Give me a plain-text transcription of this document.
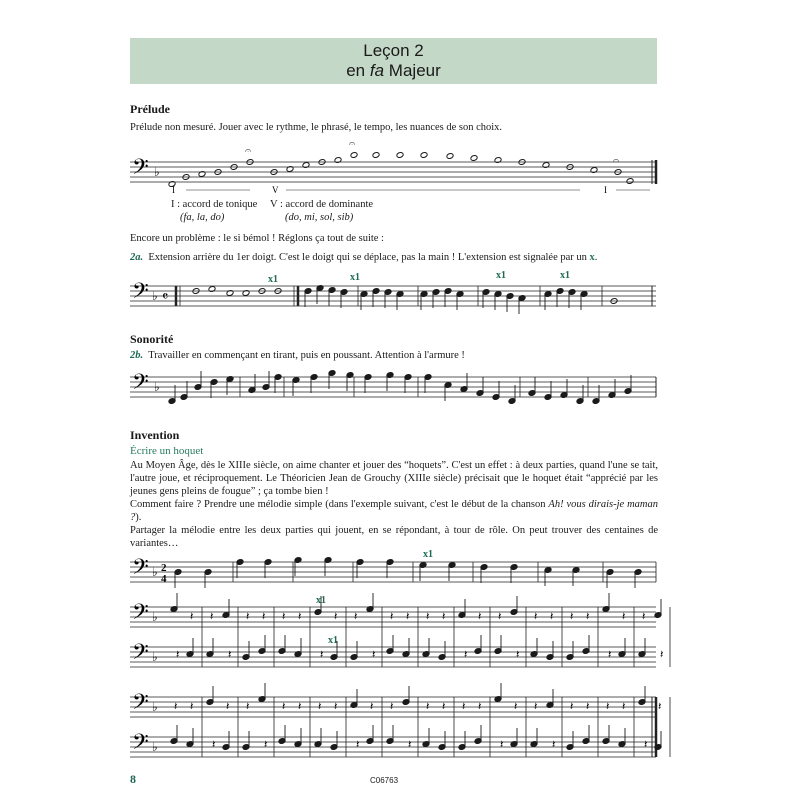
Leçon 2
en fa Majeur
Prélude
Prélude non mesuré. Jouer avec le rythme, le phrasé, le tempo, les nuances de son choix.
𝄢 ♭
𝄐
𝄐
𝄐
I	V	I
I : accord de tonique
(fa, la, do)
V : accord de dominante
(do, mi, sol, sib)
Encore un problème : le si bémol ! Réglons ça tout de suite :
2a. Extension arrière du 1er doigt. C'est le doigt qui se déplace, pas la main ! L'extension est signalée par un x.
𝄢 ♭ 𝄴
x1	x1	x1	x1
Sonorité
2b. Travailler en commençant en tirant, puis en poussant. Attention à l'armure !
𝄢 ♭
Invention
Écrire un hoquet
Au Moyen Âge, dès le XIIIe siècle, on aime chanter et jouer des “hoquets”. C'est un effet : à deux parties, quand l'une se tait, l'autre joue, et réciproquement. Le Théoricien Jean de Grouchy (XIIIe siècle) précisait que le hoquet était “apprécié par les jeunes gens pleins de fougue” ; ça tombe bien !
Comment faire ? Prendre une mélodie simple (dans l'exemple suivant, c'est le début de la chanson Ah! vous dirais-je maman ?).
Partager la mélodie entre les deux parties qui jouent, en se répondant, à tour de rôle. On peut trouver des centaines de variantes…
𝄢 ♭ 2
4
x1
𝄢 ♭
𝄢 ♭
x1
x1
𝄽
𝄽 𝄽
𝄽
𝄽 𝄽 𝄽 𝄽
𝄽
𝄽 𝄽
𝄽
𝄽 𝄽 𝄽 𝄽
𝄽
𝄽 𝄽
𝄽
𝄽 𝄽 𝄽 𝄽
𝄽
𝄽 𝄽
𝄽
𝄢 ♭
𝄢 ♭
𝄽 𝄽
𝄽
𝄽 𝄽
𝄽
𝄽 𝄽 𝄽 𝄽
𝄽
𝄽 𝄽
𝄽
𝄽 𝄽 𝄽 𝄽
𝄽
𝄽 𝄽
𝄽
𝄽 𝄽 𝄽 𝄽
𝄽
𝄽
8	C06763
